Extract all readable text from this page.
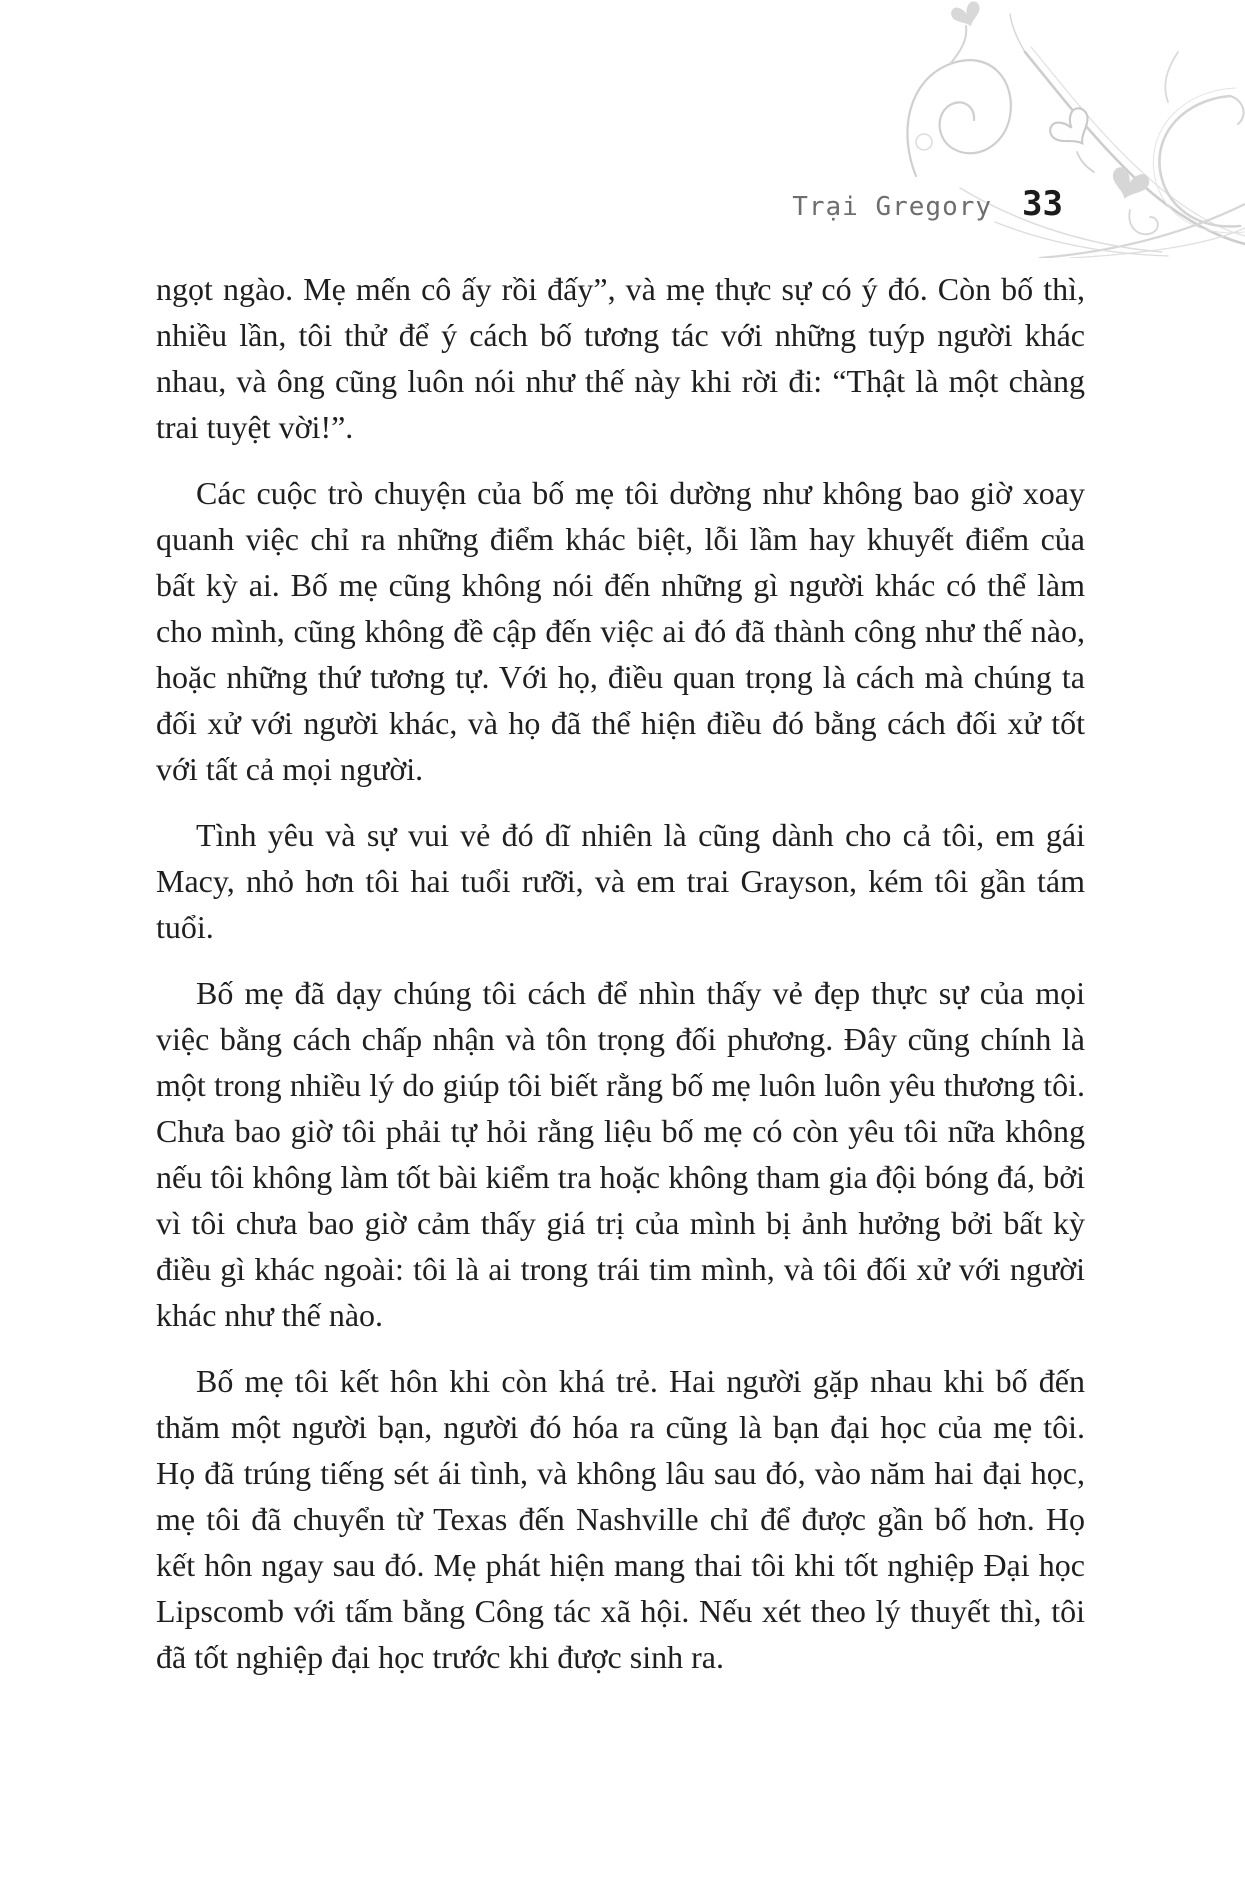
Trại Gregory 33

ngọt ngào. Mẹ mến cô ấy rồi đấy”, và mẹ thực sự có ý đó. Còn bố thì, nhiều lần, tôi thử để ý cách bố tương tác với những tuýp người khác nhau, và ông cũng luôn nói như thế này khi rời đi: “Thật là một chàng trai tuyệt vời!”.

Các cuộc trò chuyện của bố mẹ tôi dường như không bao giờ xoay quanh việc chỉ ra những điểm khác biệt, lỗi lầm hay khuyết điểm của bất kỳ ai. Bố mẹ cũng không nói đến những gì người khác có thể làm cho mình, cũng không đề cập đến việc ai đó đã thành công như thế nào, hoặc những thứ tương tự. Với họ, điều quan trọng là cách mà chúng ta đối xử với người khác, và họ đã thể hiện điều đó bằng cách đối xử tốt với tất cả mọi người.

Tình yêu và sự vui vẻ đó dĩ nhiên là cũng dành cho cả tôi, em gái Macy, nhỏ hơn tôi hai tuổi rưỡi, và em trai Grayson, kém tôi gần tám tuổi.

Bố mẹ đã dạy chúng tôi cách để nhìn thấy vẻ đẹp thực sự của mọi việc bằng cách chấp nhận và tôn trọng đối phương. Đây cũng chính là một trong nhiều lý do giúp tôi biết rằng bố mẹ luôn luôn yêu thương tôi. Chưa bao giờ tôi phải tự hỏi rằng liệu bố mẹ có còn yêu tôi nữa không nếu tôi không làm tốt bài kiểm tra hoặc không tham gia đội bóng đá, bởi vì tôi chưa bao giờ cảm thấy giá trị của mình bị ảnh hưởng bởi bất kỳ điều gì khác ngoài: tôi là ai trong trái tim mình, và tôi đối xử với người khác như thế nào.

Bố mẹ tôi kết hôn khi còn khá trẻ. Hai người gặp nhau khi bố đến thăm một người bạn, người đó hóa ra cũng là bạn đại học của mẹ tôi. Họ đã trúng tiếng sét ái tình, và không lâu sau đó, vào năm hai đại học, mẹ tôi đã chuyển từ Texas đến Nashville chỉ để được gần bố hơn. Họ kết hôn ngay sau đó. Mẹ phát hiện mang thai tôi khi tốt nghiệp Đại học Lipscomb với tấm bằng Công tác xã hội. Nếu xét theo lý thuyết thì, tôi đã tốt nghiệp đại học trước khi được sinh ra.
